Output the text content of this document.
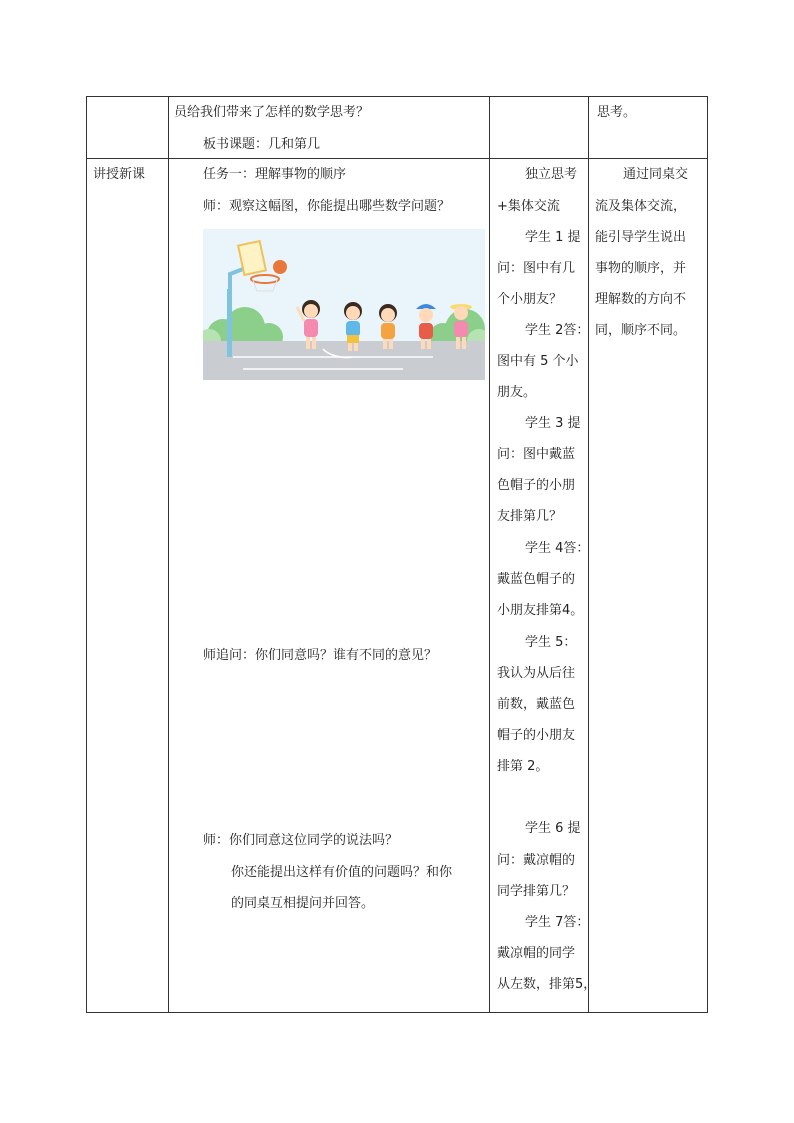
员给我们带来了怎样的数学思考？
板书课题：几和第几
思考。
讲授新课	任务一：理解事物的顺序
师：观察这幅图，你能提出哪些数学问题？
师追问：你们同意吗？谁有不同的意见？
师：你们同意这位同学的说法吗？
你还能提出这样有价值的问题吗？和你
的同桌互相提问并回答。
独立思考
+集体交流
学生 1 提
问：图中有几
个小朋友？
学生 2答：
图中有 5 个小
朋友。
学生 3 提
问：图中戴蓝
色帽子的小朋
友排第几？
学生 4答：
戴蓝色帽子的
小朋友排第4。
学生 5：
我认为从后往
前数，戴蓝色
帽子的小朋友
排第 2。
学生 6 提
问：戴凉帽的
同学排第几？
学生 7答：
戴凉帽的同学
从左数，排第5，
通过同桌交
流及集体交流，
能引导学生说出
事物的顺序，并
理解数的方向不
同，顺序不同。
